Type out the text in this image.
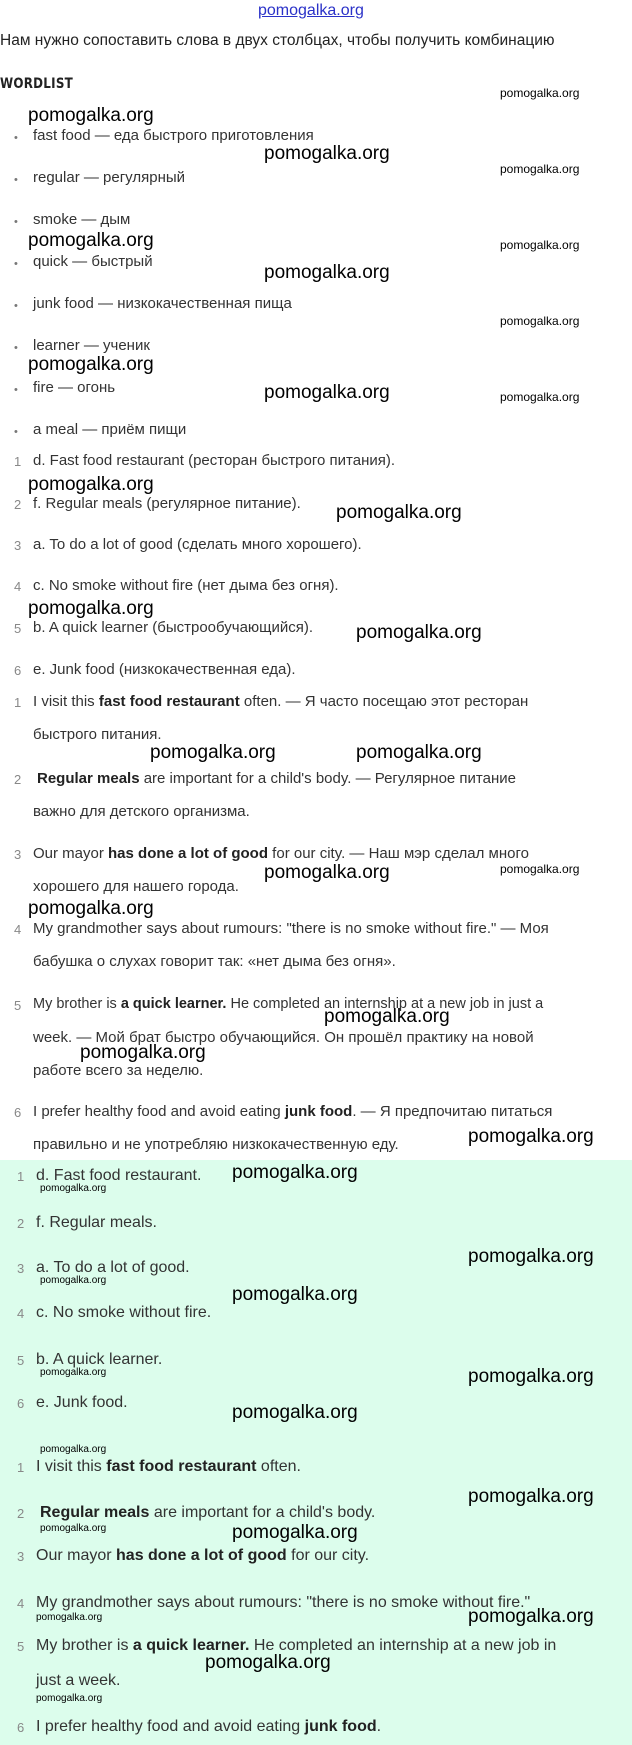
pomogalka.org
Нам нужно сопоставить слова в двух столбцах, чтобы получить комбинацию
WORDLIST
• fast food — еда быстрого приготовления
• regular — регулярный
• smoke — дым
• quick — быстрый
• junk food — низкокачественная пища
• learner — ученик
• fire — огонь
• a meal — приём пищи
1 d. Fast food restaurant (ресторан быстрого питания).
2 f. Regular meals (регулярное питание).
3 a. To do a lot of good (сделать много хорошего).
4 c. No smoke without fire (нет дыма без огня).
5 b. A quick learner (быстрообучающийся).
6 e. Junk food (низкокачественная еда).
1 I visit this fast food restaurant often. — Я часто посещаю этот ресторан
быстрого питания.
2 Regular meals are important for a child's body. — Регулярное питание
важно для детского организма.
3 Our mayor has done a lot of good for our city. — Наш мэр сделал много
хорошего для нашего города.
4 My grandmother says about rumours: "there is no smoke without fire." — Моя
бабушка о слухах говорит так: «нет дыма без огня».
5 My brother is a quick learner. He completed an internship at a new job in just a
week. — Мой брат быстро обучающийся. Он прошёл практику на новой
работе всего за неделю.
6 I prefer healthy food and avoid eating junk food. — Я предпочитаю питаться
правильно и не употребляю низкокачественную еду.
1 d. Fast food restaurant.
2 f. Regular meals.
3 a. To do a lot of good.
4 c. No smoke without fire.
5 b. A quick learner.
6 e. Junk food.
1 I visit this fast food restaurant often.
2 Regular meals are important for a child's body.
3 Our mayor has done a lot of good for our city.
4 My grandmother says about rumours: "there is no smoke without fire."
5 My brother is a quick learner. He completed an internship at a new job in
just a week.
6 I prefer healthy food and avoid eating junk food.
pomogalka.org
pomogalka.org
pomogalka.org
pomogalka.org
pomogalka.org
pomogalka.org
pomogalka.org
pomogalka.org
pomogalka.org
pomogalka.org
pomogalka.org	pomogalka.org
pomogalka.org
pomogalka.org
pomogalka.org
pomogalka.org
pomogalka.org
pomogalka.org
pomogalka.org
pomogalka.org
pomogalka.org
pomogalka.org
pomogalka.org
pomogalka.org
pomogalka.org
pomogalka.org
pomogalka.org
pomogalka.org
pomogalka.org
pomogalka.org
pomogalka.org
pomogalka.org
pomogalka.org
pomogalka.org
pomogalka.org
pomogalka.org
pomogalka.org
pomogalka.org
pomogalka.org
